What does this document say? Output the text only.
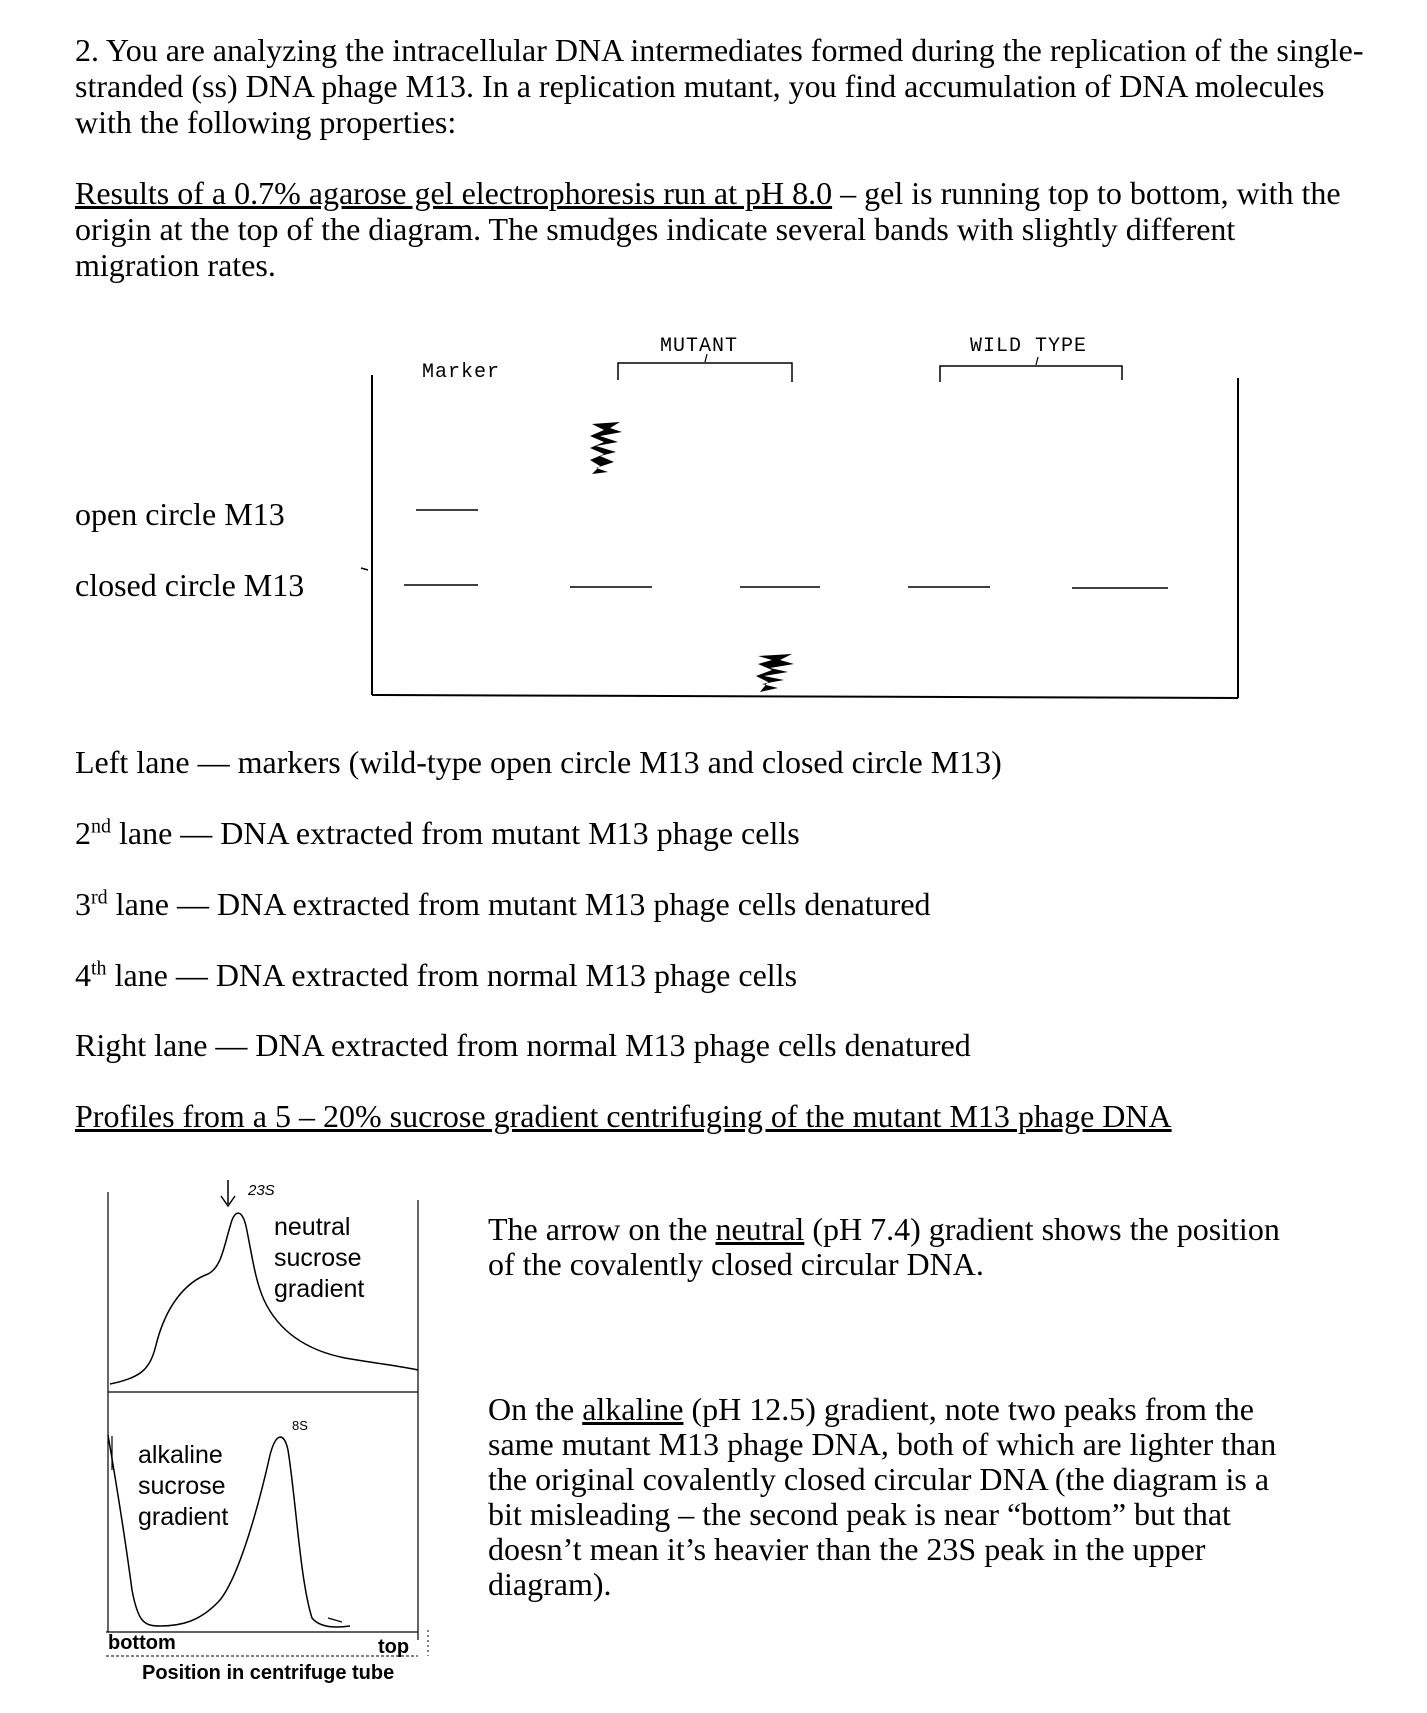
2. You are analyzing the intracellular DNA intermediates formed during the replication of the single-stranded (ss) DNA phage M13. In a replication mutant, you find accumulation of DNA molecules with the following properties:
Results of a 0.7% agarose gel electrophoresis run at pH 8.0 – gel is running top to bottom, with the origin at the top of the diagram. The smudges indicate several bands with slightly different migration rates.
open circle M13
closed circle M13
Marker
MUTANT	WILD TYPE
Left lane — markers (wild-type open circle M13 and closed circle M13)
2nd lane — DNA extracted from mutant M13 phage cells
3rd lane — DNA extracted from mutant M13 phage cells denatured
4th lane — DNA extracted from normal M13 phage cells
Right lane — DNA extracted from normal M13 phage cells denatured
Profiles from a 5 – 20% sucrose gradient centrifuging of the mutant M13 phage DNA
23S
neutral
sucrose
gradient
8S
alkaline
sucrose
gradient
bottom	top
Position in centrifuge tube
The arrow on the neutral (pH 7.4) gradient shows the position of the covalently closed circular DNA.
On the alkaline (pH 12.5) gradient, note two peaks from the same mutant M13 phage DNA, both of which are lighter than the original covalently closed circular DNA (the diagram is a bit misleading – the second peak is near “bottom” but that doesn’t mean it’s heavier than the 23S peak in the upper diagram).
